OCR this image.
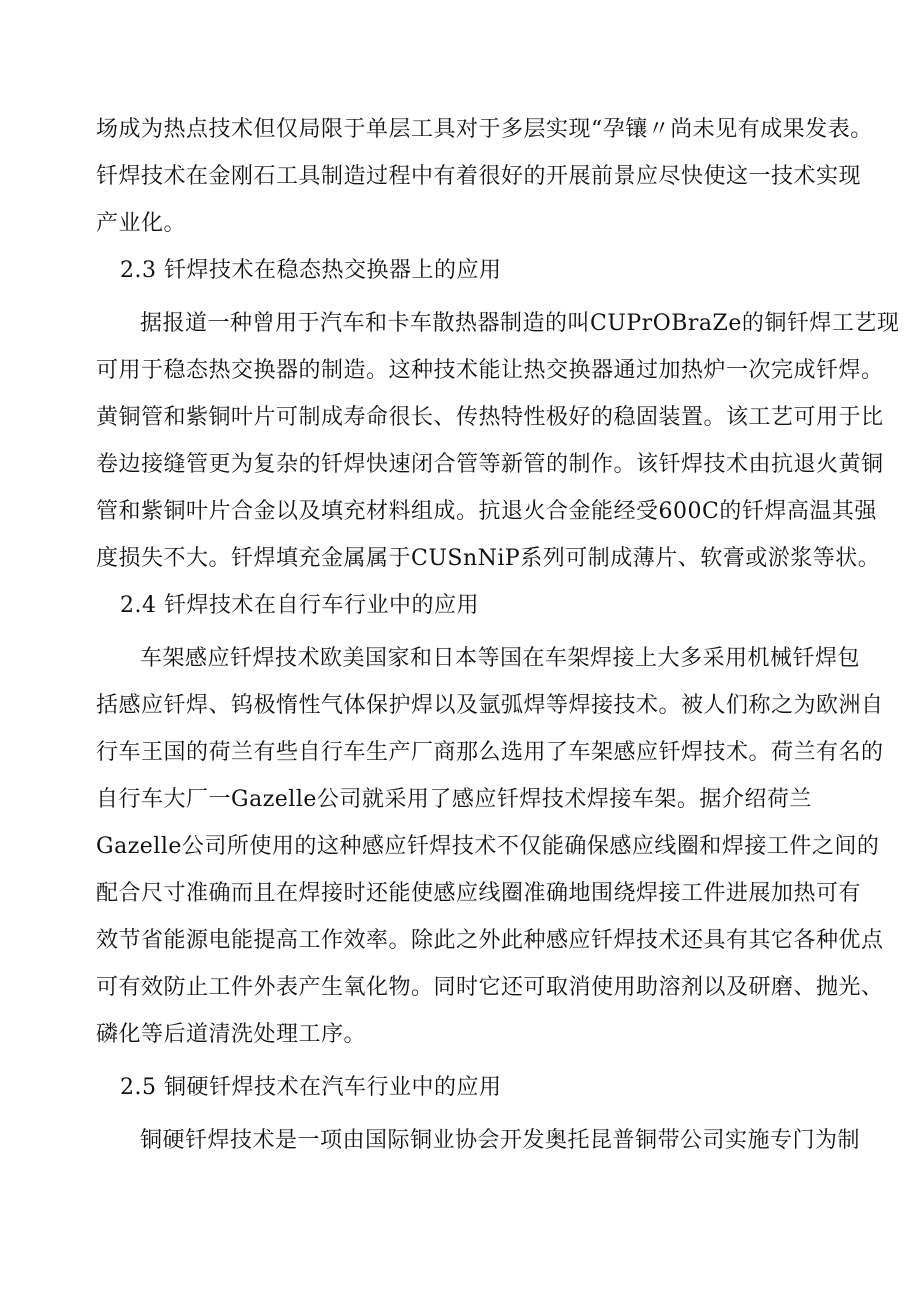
场成为热点技术但仅局限于单层工具对于多层实现“孕镶〃尚未见有成果发表。
钎焊技术在金刚石工具制造过程中有着很好的开展前景应尽快使这一技术实现
产业化。
2.3 钎焊技术在稳态热交换器上的应用
据报道一种曾用于汽车和卡车散热器制造的叫CUPrOBraZe的铜钎焊工艺现
可用于稳态热交换器的制造。这种技术能让热交换器通过加热炉一次完成钎焊。
黄铜管和紫铜叶片可制成寿命很长、传热特性极好的稳固装置。该工艺可用于比
卷边接缝管更为复杂的钎焊快速闭合管等新管的制作。该钎焊技术由抗退火黄铜
管和紫铜叶片合金以及填充材料组成。抗退火合金能经受600C的钎焊高温其强
度损失不大。钎焊填充金属属于CUSnNiP系列可制成薄片、软膏或淤浆等状。
2.4 钎焊技术在自行车行业中的应用
车架感应钎焊技术欧美国家和日本等国在车架焊接上大多采用机械钎焊包
括感应钎焊、钨极惰性气体保护焊以及氩弧焊等焊接技术。被人们称之为欧洲自
行车王国的荷兰有些自行车生产厂商那么选用了车架感应钎焊技术。荷兰有名的
自行车大厂一Gazelle公司就采用了感应钎焊技术焊接车架。据介绍荷兰
Gazelle公司所使用的这种感应钎焊技术不仅能确保感应线圈和焊接工件之间的
配合尺寸准确而且在焊接时还能使感应线圈准确地围绕焊接工件进展加热可有
效节省能源电能提高工作效率。除此之外此种感应钎焊技术还具有其它各种优点
可有效防止工件外表产生氧化物。同时它还可取消使用助溶剂以及研磨、抛光、
磷化等后道清洗处理工序。
2.5 铜硬钎焊技术在汽车行业中的应用
铜硬钎焊技术是一项由国际铜业协会开发奥托昆普铜带公司实施专门为制
